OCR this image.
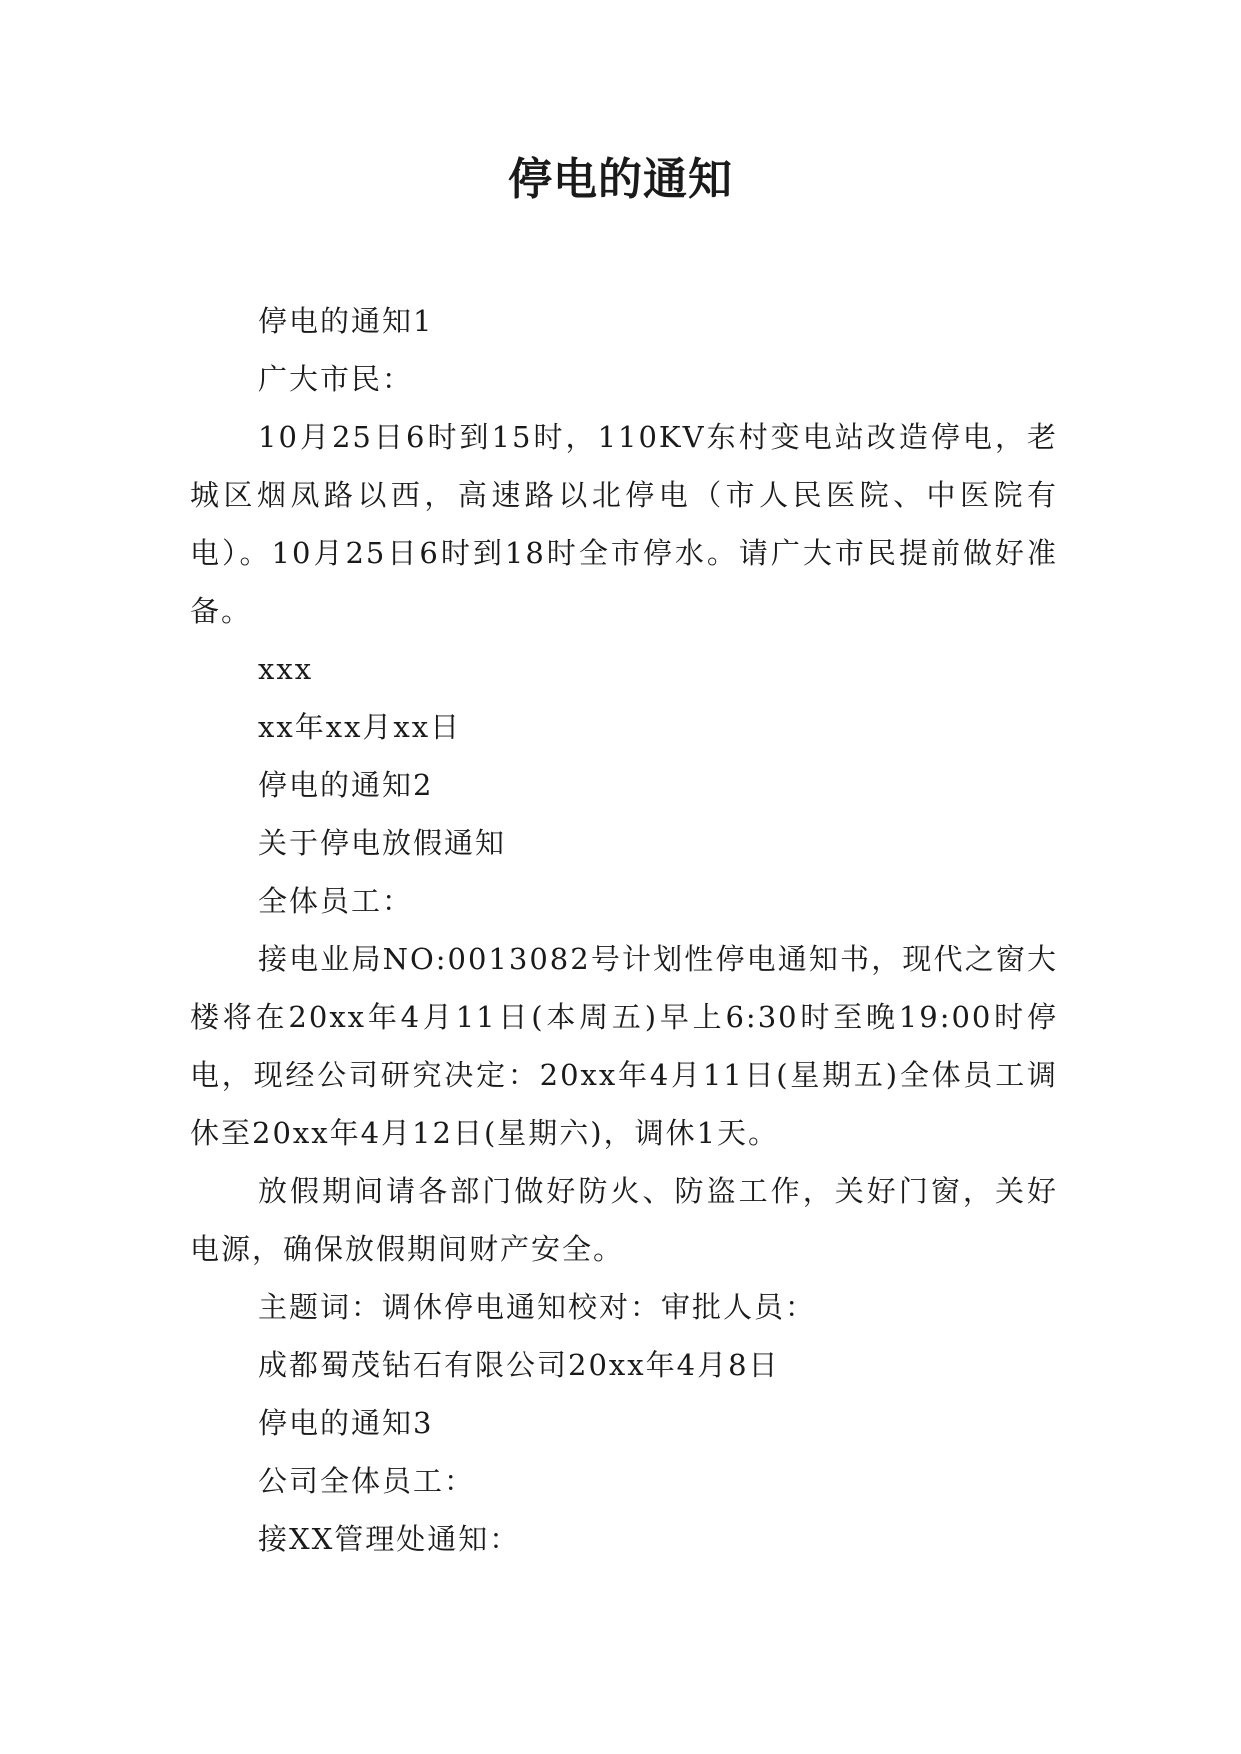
停电的通知

停电的通知1

广大市民：

10月25日6时到15时，110KV东村变电站改造停电，老城区烟凤路以西，高速路以北停电（市人民医院、中医院有电）。10月25日6时到18时全市停水。请广大市民提前做好准备。

xxx

xx年xx月xx日

停电的通知2

关于停电放假通知

全体员工：

接电业局NO:0013082号计划性停电通知书，现代之窗大楼将在20xx年4月11日(本周五)早上6:30时至晚19:00时停电，现经公司研究决定：20xx年4月11日(星期五)全体员工调休至20xx年4月12日(星期六)，调休1天。

放假期间请各部门做好防火、防盗工作，关好门窗，关好电源，确保放假期间财产安全。

主题词：调休停电通知校对：审批人员：

成都蜀茂钻石有限公司20xx年4月8日

停电的通知3

公司全体员工：

接XX管理处通知：
